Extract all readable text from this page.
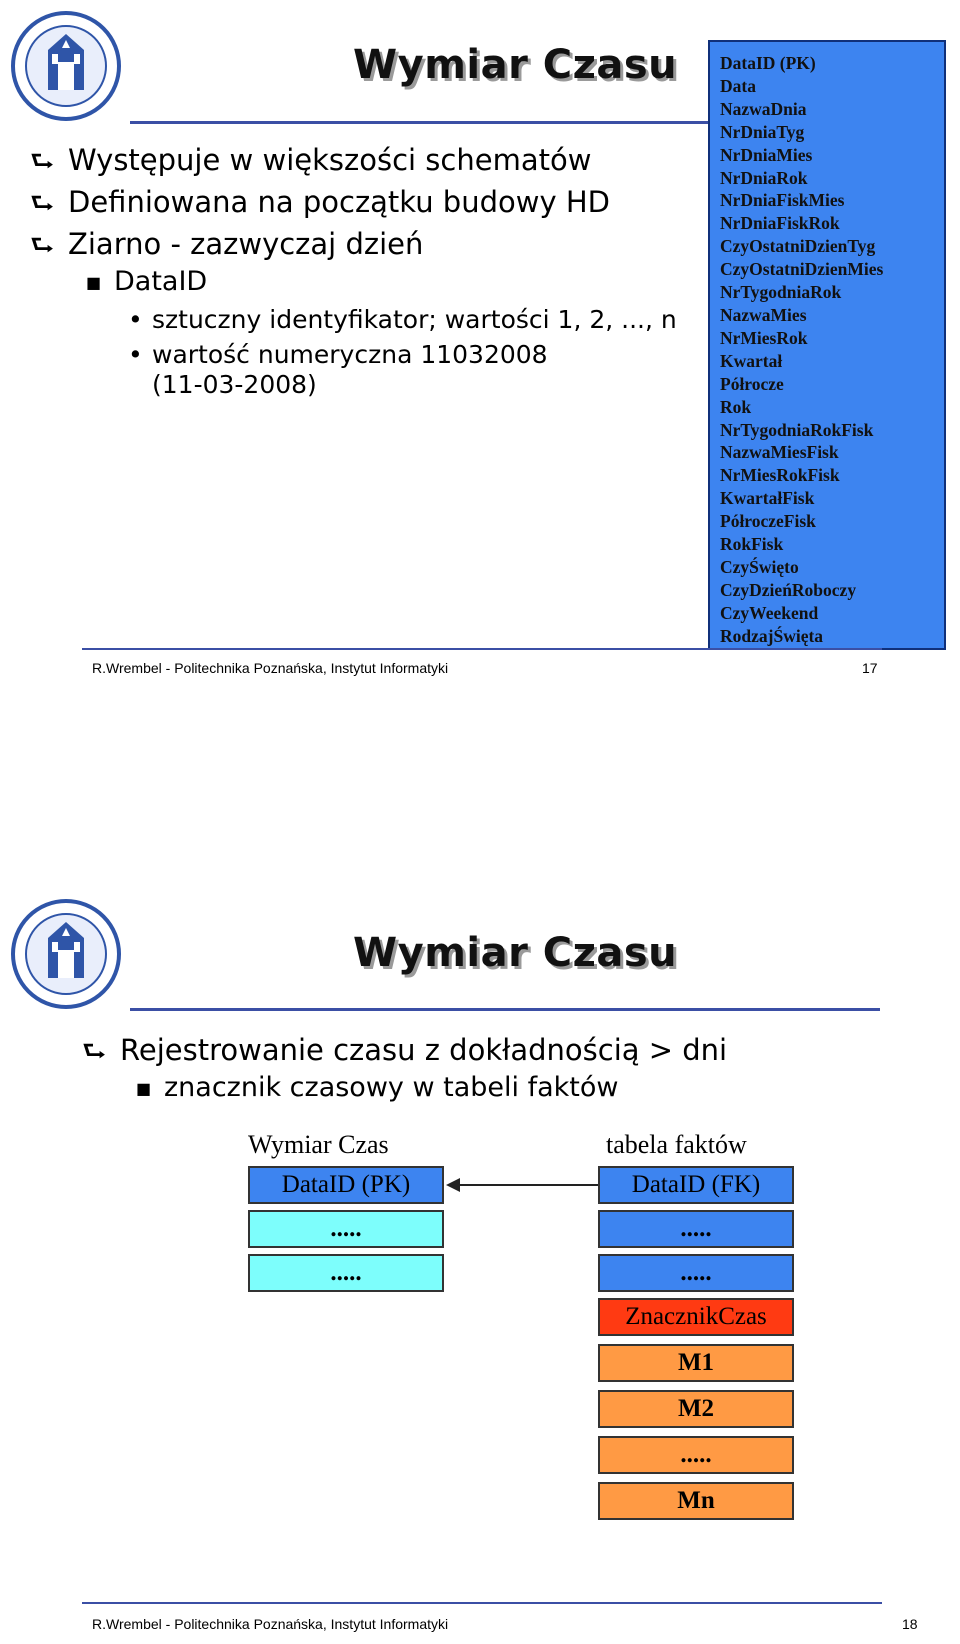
Wymiar Czasu
⮑ Występuje w większości schematów
⮑ Definiowana na początku budowy HD
⮑ Ziarno - zazwyczaj dzień
■ DataID
• sztuczny identyfikator; wartości 1, 2, ..., n
• wartość numeryczna 11032008
(11-03-2008)
DataID (PK)
Data
NazwaDnia
NrDniaTyg
NrDniaMies
NrDniaRok
NrDniaFiskMies
NrDniaFiskRok
CzyOstatniDzienTyg
CzyOstatniDzienMies
NrTygodniaRok
NazwaMies
NrMiesRok
Kwartał
Półrocze
Rok
NrTygodniaRokFisk
NazwaMiesFisk
NrMiesRokFisk
KwartałFisk
PółroczeFisk
RokFisk
CzyŚwięto
CzyDzieńRoboczy
CzyWeekend
RodzajŚwięta
R.Wrembel - Politechnika Poznańska, Instytut Informatyki	17
Wymiar Czasu
⮑ Rejestrowanie czasu z dokładnością > dni
■ znacznik czasowy w tabeli faktów
Wymiar Czas	tabela faktów
DataID (PK)
.....
.....
DataID (FK)
.....
.....
ZnacznikCzas
M1
M2
.....
Mn
R.Wrembel - Politechnika Poznańska, Instytut Informatyki	18
